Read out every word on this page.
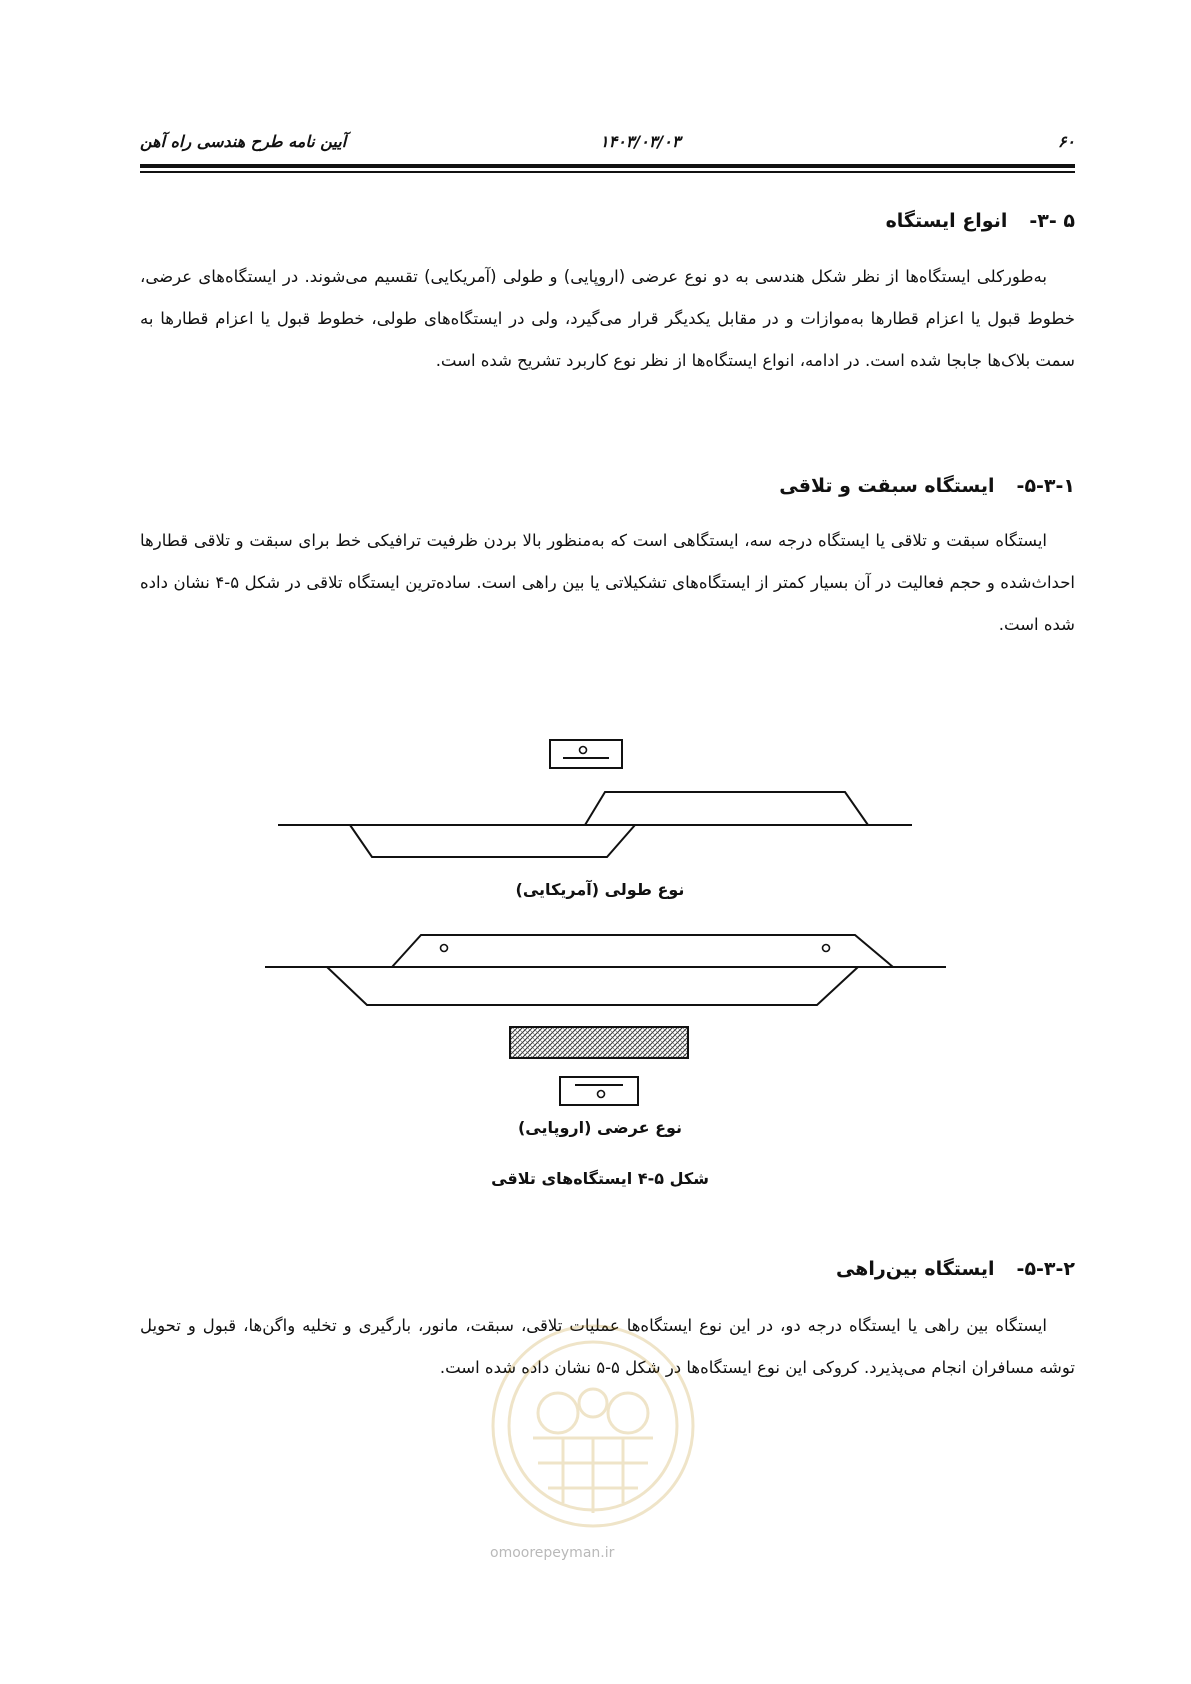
۶۰
۱۴۰۳/۰۳/۰۳
آیین نامه طرح هندسی راه آهن
۵ -۳-انواع ایستگاه

به‌طورکلی ایستگاه‌ها از نظر شکل هندسی به دو نوع عرضی (اروپایی) و طولی (آمریکایی) تقسیم می‌شوند. در ایستگاه‌های عرضی، خطوط قبول یا اعزام قطارها به‌موازات و در مقابل یکدیگر قرار می‌گیرد، ولی در ایستگاه‌های طولی، خطوط قبول یا اعزام قطارها به سمت بلاک‌ها جابجا شده است. در ادامه، انواع ایستگاه‌ها از نظر نوع کاربرد تشریح شده است.

۵-۳-۱-ایستگاه سبقت و تلاقی

ایستگاه سبقت و تلاقی یا ایستگاه درجه سه، ایستگاهی است که به‌منظور بالا بردن ظرفیت ترافیکی خط برای سبقت و تلاقی قطارها احداث‌شده و حجم فعالیت در آن بسیار کمتر از ایستگاه‌های تشکیلاتی یا بین راهی است. ساده‌ترین ایستگاه تلاقی در شکل ۵-۴ نشان داده شده است.

نوع طولی (آمریکایی)
نوع عرضی (اروپایی)
شکل ۵-۴ ایستگاه‌های تلاقی
۵-۳-۲-ایستگاه بین‌راهی

ایستگاه بین راهی یا ایستگاه درجه دو، در این نوع ایستگاه‌ها عملیات تلاقی، سبقت، مانور، بارگیری و تخلیه واگن‌ها، قبول و تحویل توشه مسافران انجام می‌پذیرد. کروکی این نوع ایستگاه‌ها در شکل ۵-۵ نشان داده شده است.

omoorepeyman.ir
